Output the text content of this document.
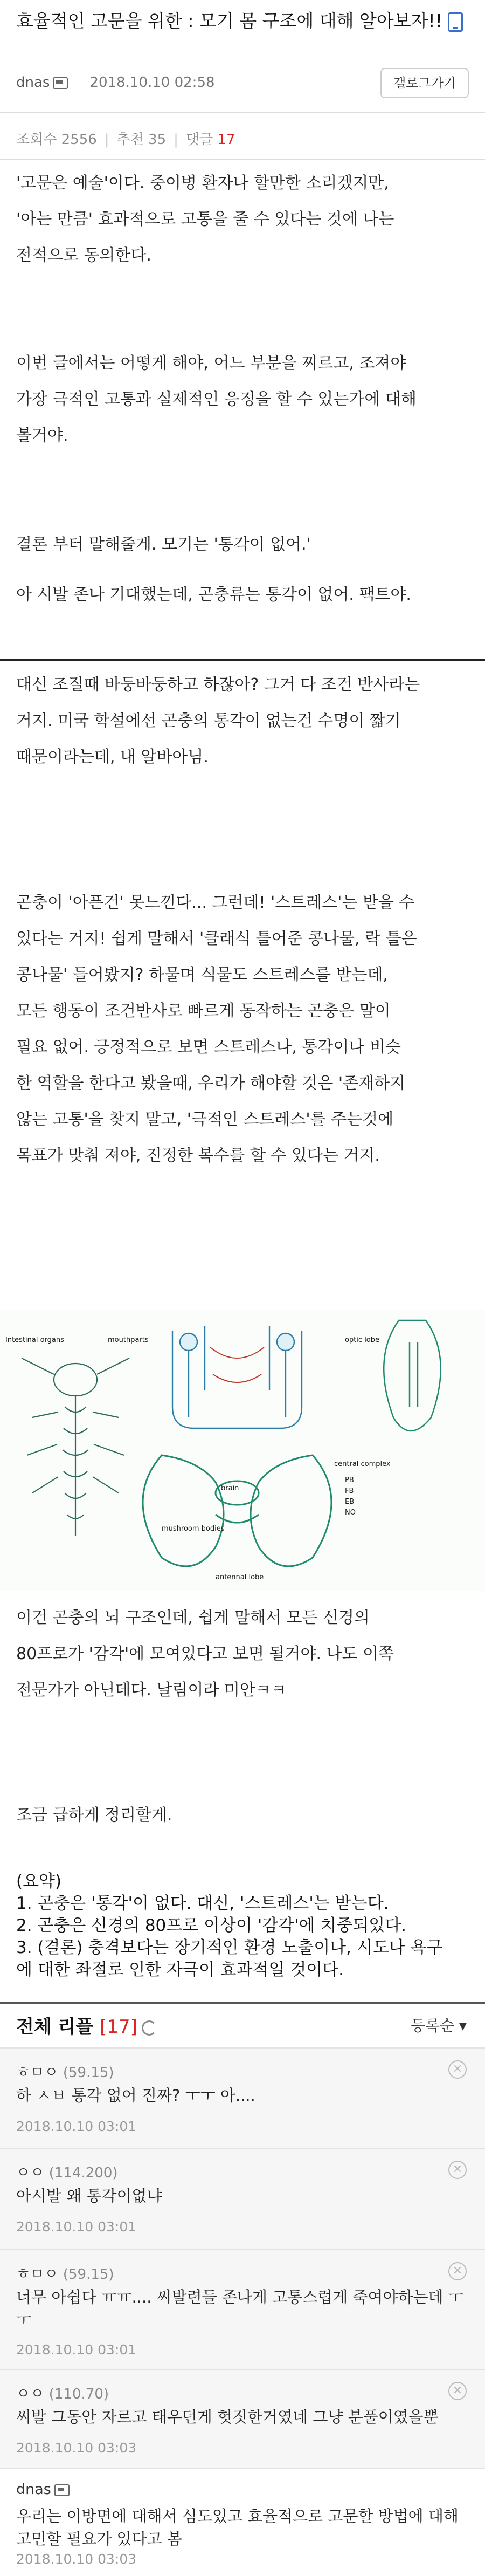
효율적인 고문을 위한 : 모기 몸 구조에 대해 알아보자!!
dnas	2018.10.10 02:58	갤로그가기
조회수 2556 | 추천 35 | 댓글 17
'고문은 예술'이다. 중이병 환자나 할만한 소리겠지만,
'아는 만큼' 효과적으로 고통을 줄 수 있다는 것에 나는
전적으로 동의한다.
이번 글에서는 어떻게 해야, 어느 부분을 찌르고, 조져야
가장 극적인 고통과 실제적인 응징을 할 수 있는가에 대해
볼거야.
결론 부터 말해줄게. 모기는 '통각이 없어.'
아 시발 존나 기대했는데, 곤충류는 통각이 없어. 팩트야.
대신 조질때 바둥바둥하고 하잖아? 그거 다 조건 반사라는
거지. 미국 학설에선 곤충의 통각이 없는건 수명이 짧기
때문이라는데, 내 알바아님.
곤충이 '아픈건' 못느낀다... 그런데! '스트레스'는 받을 수
있다는 거지! 쉽게 말해서 '클래식 틀어준 콩나물, 락 틀은
콩나물' 들어봤지? 하물며 식물도 스트레스를 받는데,
모든 행동이 조건반사로 빠르게 동작하는 곤충은 말이
필요 없어. 긍정적으로 보면 스트레스나, 통각이나 비슷
한 역할을 한다고 봤을때, 우리가 해야할 것은 '존재하지
않는 고통'을 찾지 말고, '극적인 스트레스'를 주는것에
목표가 맞춰 져야, 진정한 복수를 할 수 있다는 거지.
Intestinal organs	mouthparts
central complex
mushroom bodies
optic lobe
antennal lobe
brain
PB
FB
EB
NO
이건 곤충의 뇌 구조인데, 쉽게 말해서 모든 신경의
80프로가 '감각'에 모여있다고 보면 될거야. 나도 이쪽
전문가가 아닌데다. 날림이라 미안ㅋㅋ
조금 급하게 정리할게.
(요약)
1. 곤충은 '통각'이 없다. 대신, '스트레스'는 받는다.
2. 곤충은 신경의 80프로 이상이 '감각'에 치중되있다.
3. (결론) 충격보다는 장기적인 환경 노출이나, 시도나 욕구
에 대한 좌절로 인한 자극이 효과적일 것이다.
전체 리플 [17]	등록순 ▾
ㅎㅁㅇ (59.15)	✕
하 ㅅㅂ 통각 없어 진짜? ㅜㅜ 아....
2018.10.10 03:01
ㅇㅇ (114.200)	✕
아시발 왜 통각이없냐
2018.10.10 03:01
ㅎㅁㅇ (59.15)	✕
너무 아쉽다 ㅠㅠ.... 씨발련들 존나게 고통스럽게 죽여야하는데 ㅜㅜ
2018.10.10 03:01
ㅇㅇ (110.70)	✕
씨발 그동안 자르고 태우던게 헛짓한거였네 그냥 분풀이였을뿐
2018.10.10 03:03
dnas
우리는 이방면에 대해서 심도있고 효율적으로 고문할 방법에 대해 고민할 필요가 있다고 봄
2018.10.10 03:03
